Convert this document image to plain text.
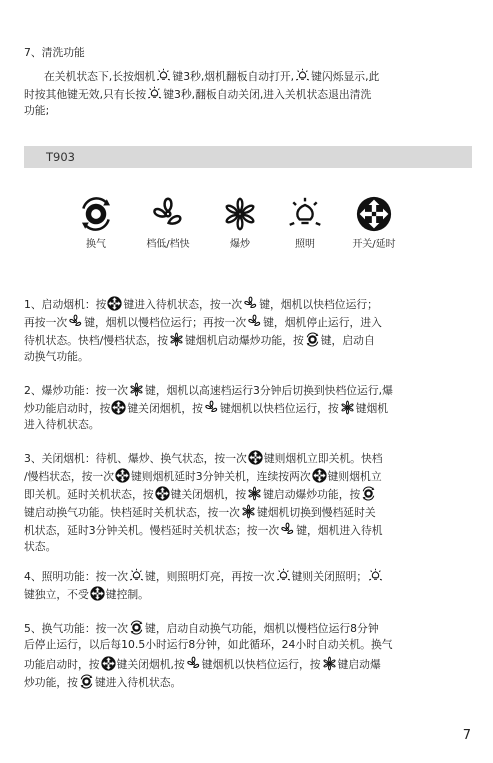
7、清洗功能
在关机状态下,长按烟机 键3秒,烟机翻板自动打开, 键闪烁显示,此
时按其他键无效,只有长按 键3秒,翻板自动关闭,进入关机状态退出清洗
功能;
T903
换气	档低/档快	爆炒	照明	开关/延时
1、启动烟机：按 键进入待机状态，按一次 键，烟机以快档位运行；
再按一次 键，烟机以慢档位运行；再按一次 键，烟机停止运行，进入
待机状态。快档/慢档状态，按 键烟机启动爆炒功能，按 键，启动自
动换气功能。
2、爆炒功能：按一次 键，烟机以高速档运行3分钟后切换到快档位运行,爆
炒功能启动时，按 键关闭烟机，按 键烟机以快档位运行，按 键烟机
进入待机状态。
3、关闭烟机：待机、爆炒、换气状态，按一次 键则烟机立即关机。快档
/慢档状态，按一次 键则烟机延时3分钟关机，连续按两次 键则烟机立
即关机。延时关机状态，按 键关闭烟机，按 键启动爆炒功能，按
键启动换气功能。快档延时关机状态，按一次 键烟机切换到慢档延时关
机状态，延时3分钟关机。慢档延时关机状态；按一次 键，烟机进入待机
状态。
4、照明功能：按一次 键，则照明灯亮，再按一次 键则关闭照明；
键独立，不受 键控制。
5、换气功能：按一次 键，启动自动换气功能，烟机以慢档位运行8分钟
后停止运行，以后每10.5小时运行8分钟，如此循环，24小时自动关机。换气
功能启动时，按 键关闭烟机,按 键烟机以快档位运行，按 键启动爆
炒功能，按 键进入待机状态。
7
